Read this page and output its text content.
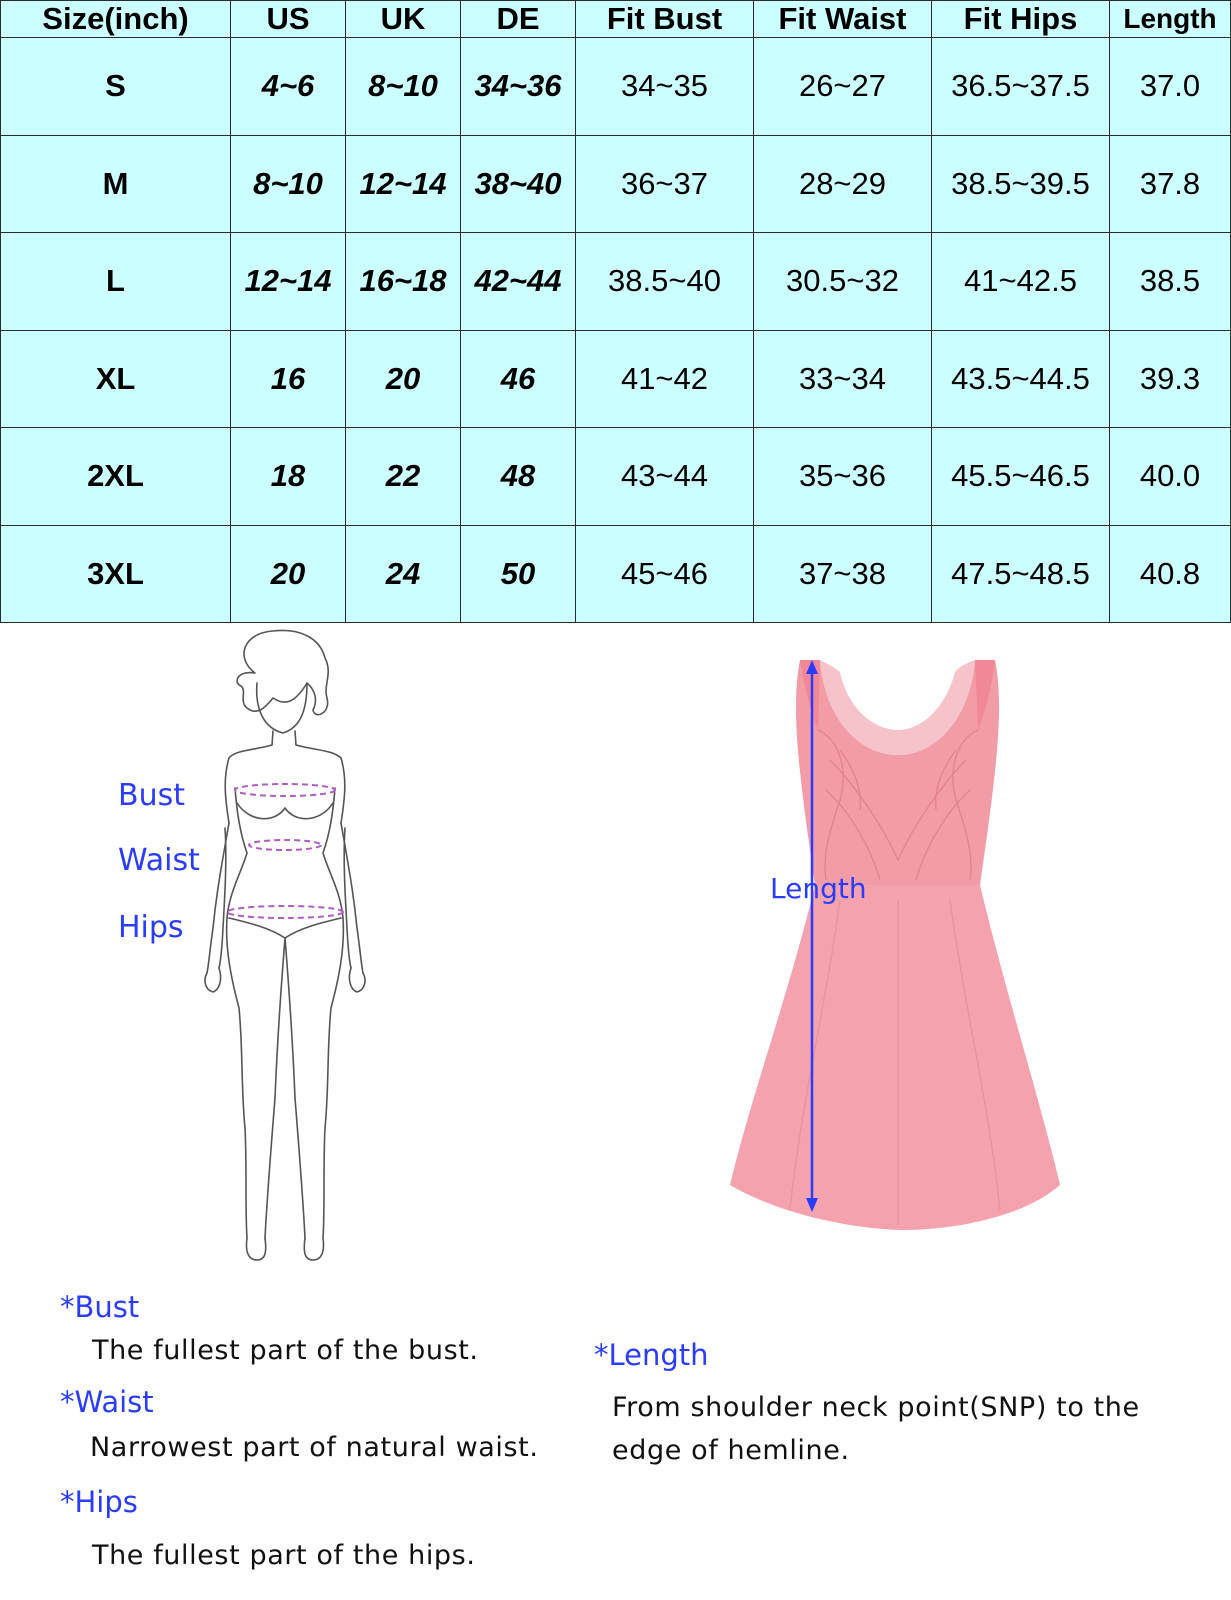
Size(inch)	US	UK	DE	Fit Bust	Fit Waist	Fit Hips	Length
S	4~6	8~10	34~36	34~35	26~27	36.5~37.5	37.0
M	8~10	12~14	38~40	36~37	28~29	38.5~39.5	37.8
L	12~14	16~18	42~44	38.5~40	30.5~32	41~42.5	38.5
XL	16	20	46	41~42	33~34	43.5~44.5	39.3
2XL	18	22	48	43~44	35~36	45.5~46.5	40.0
3XL	20	24	50	45~46	37~38	47.5~48.5	40.8
Bust
Waist
Hips
Length
*Bust
The fullest part of the bust.
*Waist
Narrowest part of natural waist.
*Hips
The fullest part of the hips.
*Length
From shoulder neck point(SNP) to the
edge of hemline.
